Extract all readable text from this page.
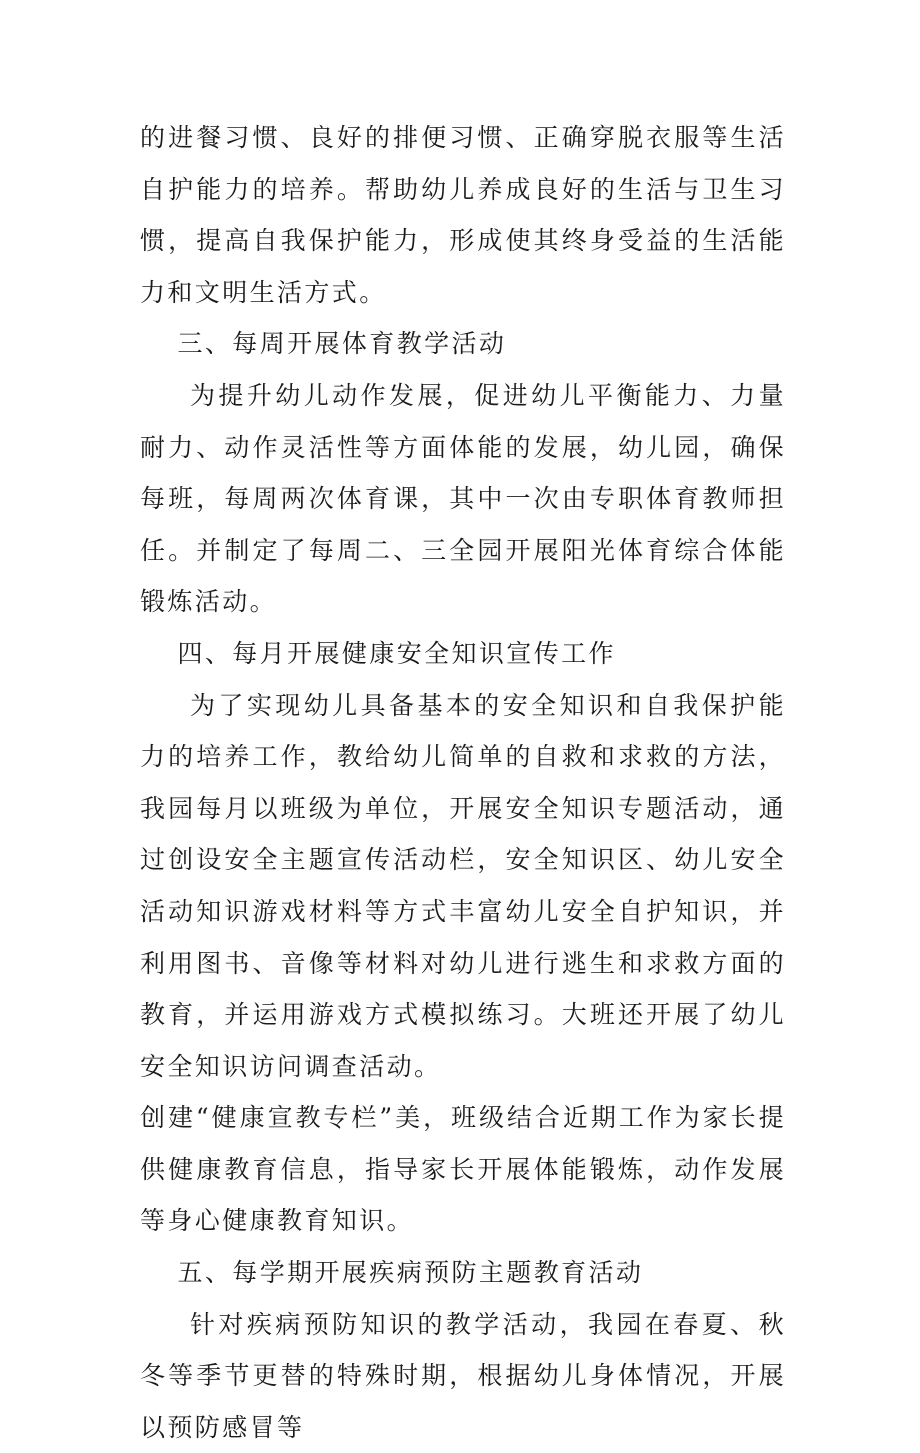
的进餐习惯、良好的排便习惯、正确穿脱衣服等生活自护能力的培养。帮助幼儿养成良好的生活与卫生习惯，提高自我保护能力，形成使其终身受益的生活能力和文明生活方式。

三、每周开展体育教学活动

为提升幼儿动作发展，促进幼儿平衡能力、力量耐力、动作灵活性等方面体能的发展，幼儿园，确保每班，每周两次体育课，其中一次由专职体育教师担任。并制定了每周二、三全园开展阳光体育综合体能锻炼活动。

四、每月开展健康安全知识宣传工作

为了实现幼儿具备基本的安全知识和自我保护能力的培养工作，教给幼儿简单的自救和求救的方法，我园每月以班级为单位，开展安全知识专题活动，通过创设安全主题宣传活动栏，安全知识区、幼儿安全活动知识游戏材料等方式丰富幼儿安全自护知识，并利用图书、音像等材料对幼儿进行逃生和求救方面的教育，并运用游戏方式模拟练习。大班还开展了幼儿安全知识访问调查活动。

创建“健康宣教专栏”美，班级结合近期工作为家长提供健康教育信息，指导家长开展体能锻炼，动作发展等身心健康教育知识。

五、每学期开展疾病预防主题教育活动

针对疾病预防知识的教学活动，我园在春夏、秋冬等季节更替的特殊时期，根据幼儿身体情况，开展以预防感冒等
